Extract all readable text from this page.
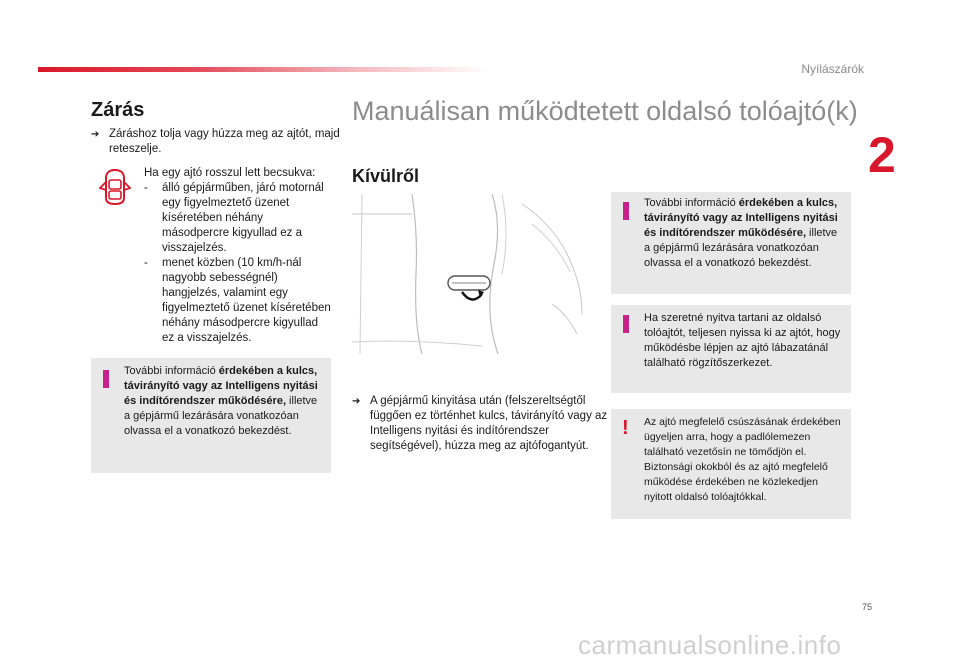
Nyílászárók
2
Zárás
➔ Záráshoz tolja vagy húzza meg az ajtót, majd reteszelje.
Ha egy ajtó rosszul lett becsukva:
- álló gépjárműben, járó motornál egy figyelmeztető üzenet kíséretében néhány másodpercre kigyullad ez a visszajelzés.
- menet közben (10 km/h-nál nagyobb sebességnél) hangjelzés, valamint egy figyelmeztető üzenet kíséretében néhány másodpercre kigyullad ez a visszajelzés.
További információ érdekében a kulcs, távirányító vagy az Intelligens nyitási és indítórendszer működésére, illetve a gépjármű lezárására vonatkozóan olvassa el a vonatkozó bekezdést.
Manuálisan működtetett oldalsó tolóajtó(k)
Kívülről
➔ A gépjármű kinyitása után (felszereltségtől függően ez történhet kulcs, távirányító vagy az Intelligens nyitási és indítórendszer segítségével), húzza meg az ajtófogantyút.
További információ érdekében a kulcs, távirányító vagy az Intelligens nyitási és indítórendszer működésére, illetve a gépjármű lezárására vonatkozóan olvassa el a vonatkozó bekezdést.
Ha szeretné nyitva tartani az oldalsó tolóajtót, teljesen nyissa ki az ajtót, hogy működésbe lépjen az ajtó lábazatánál található rögzítőszerkezet.
! Az ajtó megfelelő csúszásának érdekében ügyeljen arra, hogy a padlólemezen található vezetősín ne tömődjön el. Biztonsági okokból és az ajtó megfelelő működése érdekében ne közlekedjen nyitott oldalsó tolóajtókkal.
75
carmanualsonline.info
